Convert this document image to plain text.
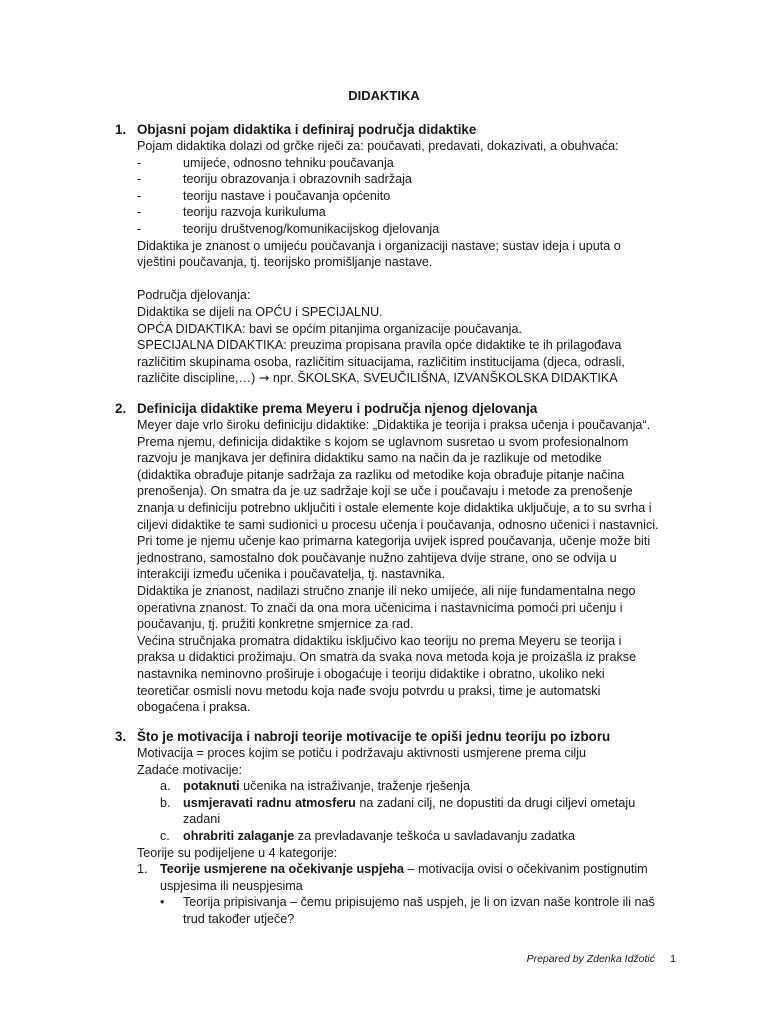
DIDAKTIKA
1. Objasni pojam didaktika i definiraj područja didaktike
Pojam didaktika dolazi od grčke riječi za: poučavati, predavati, dokazivati, a obuhvaća:
-	umijeće, odnosno tehniku poučavanja
-	teoriju obrazovanja i obrazovnih sadržaja
-	teoriju nastave i poučavanja općenito
-	teoriju razvoja kurikuluma
-	teoriju društvenog/komunikacijskog djelovanja
Didaktika je znanost o umijeću poučavanja i organizaciji nastave; sustav ideja i uputa o
vještini poučavanja, tj. teorijsko promišljanje nastave.
Područja djelovanja:
Didaktika se dijeli na OPĆU i SPECIJALNU.
OPĆA DIDAKTIKA: bavi se općim pitanjima organizacije poučavanja.
SPECIJALNA DIDAKTIKA: preuzima propisana pravila opće didaktike te ih prilagođava
različitim skupinama osoba, različitim situacijama, različitim institucijama (djeca, odrasli,
različite discipline,…) → npr. ŠKOLSKA, SVEUČILIŠNA, IZVANŠKOLSKA DIDAKTIKA
2. Definicija didaktike prema Meyeru i područja njenog djelovanja
Meyer daje vrlo široku definiciju didaktike: „Didaktika je teorija i praksa učenja i poučavanja“.
Prema njemu, definicija didaktike s kojom se uglavnom susretao u svom profesionalnom
razvoju je manjkava jer definira didaktiku samo na način da je razlikuje od metodike
(didaktika obrađuje pitanje sadržaja za razliku od metodike koja obrađuje pitanje načina
prenošenja). On smatra da je uz sadržaje koji se uče i poučavaju i metode za prenošenje
znanja u definiciju potrebno uključiti i ostale elemente koje didaktika uključuje, a to su svrha i
ciljevi didaktike te sami sudionici u procesu učenja i poučavanja, odnosno učenici i nastavnici.
Pri tome je njemu učenje kao primarna kategorija uvijek ispred poučavanja, učenje može biti
jednostrano, samostalno dok poučavanje nužno zahtijeva dvije strane, ono se odvija u
interakciji između učenika i poučavatelja, tj. nastavnika.
Didaktika je znanost, nadilazi stručno znanje ili neko umijeće, ali nije fundamentalna nego
operativna znanost. To znači da ona mora učenicima i nastavnicima pomoći pri učenju i
poučavanju, tj. pružiti konkretne smjernice za rad.
Većina stručnjaka promatra didaktiku isključivo kao teoriju no prema Meyeru se teorija i
praksa u didaktici prožimaju. On smatra da svaka nova metoda koja je proizašla iz prakse
nastavnika neminovno proširuje i obogaćuje i teoriju didaktike i obratno, ukoliko neki
teoretičar osmisli novu metodu koja nađe svoju potvrdu u praksi, time je automatski
obogaćena i praksa.
3. Što je motivacija i nabroji teorije motivacije te opiši jednu teoriju po izboru
Motivacija = proces kojim se potiču i podržavaju aktivnosti usmjerene prema cilju
Zadaće motivacije:
a. potaknuti učenika na istraživanje, traženje rješenja
b. usmjeravati radnu atmosferu na zadani cilj, ne dopustiti da drugi ciljevi ometaju
zadani
c. ohrabriti zalaganje za prevladavanje teškoća u savladavanju zadatka
Teorije su podijeljene u 4 kategorije:
1. Teorije usmjerene na očekivanje uspjeha – motivacija ovisi o očekivanim postignutim
uspjesima ili neuspjesima
• Teorija pripisivanja – čemu pripisujemo naš uspjeh, je li on izvan naše kontrole ili naš
trud također utječe?
Prepared by Zdenka Idžotić 1
